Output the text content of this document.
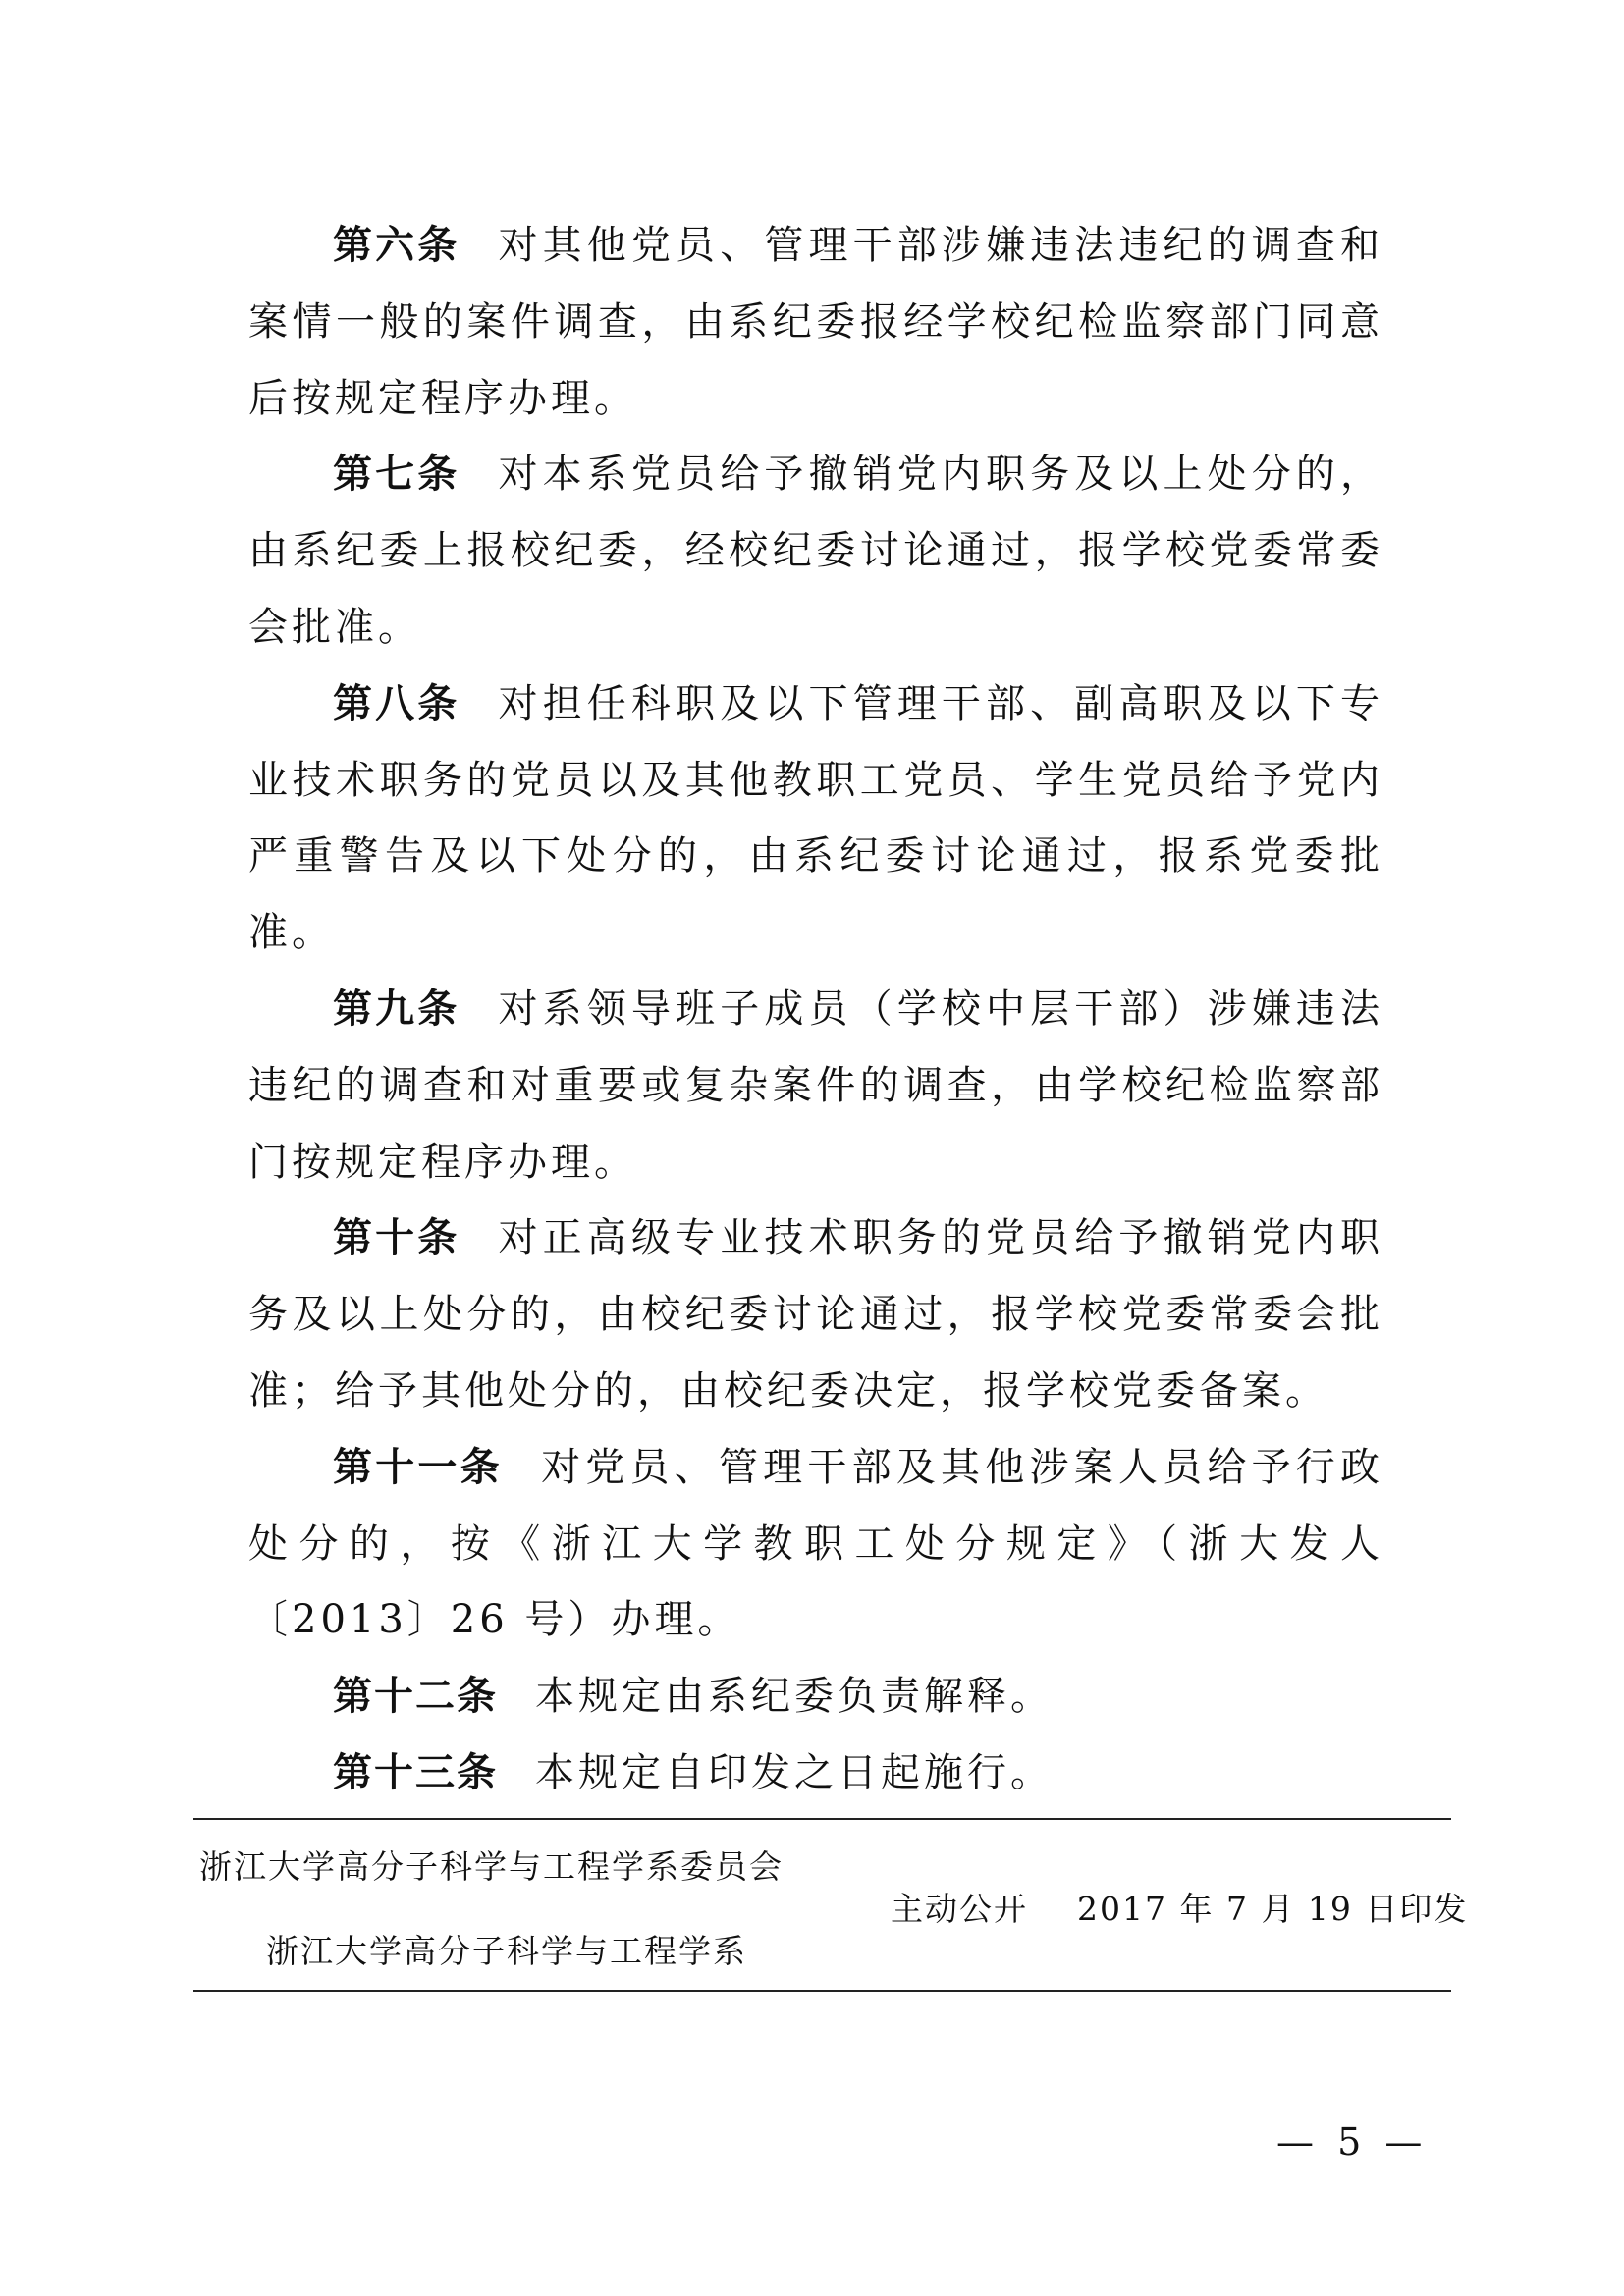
第六条 对其他党员、管理干部涉嫌违法违纪的调查和案情一般的案件调查，由系纪委报经学校纪检监察部门同意后按规定程序办理。

第七条 对本系党员给予撤销党内职务及以上处分的，由系纪委上报校纪委，经校纪委讨论通过，报学校党委常委会批准。

第八条 对担任科职及以下管理干部、副高职及以下专业技术职务的党员以及其他教职工党员、学生党员给予党内严重警告及以下处分的，由系纪委讨论通过，报系党委批准。

第九条 对系领导班子成员（学校中层干部）涉嫌违法违纪的调查和对重要或复杂案件的调查，由学校纪检监察部门按规定程序办理。

第十条 对正高级专业技术职务的党员给予撤销党内职务及以上处分的，由校纪委讨论通过，报学校党委常委会批准；给予其他处分的，由校纪委决定，报学校党委备案。

第十一条 对党员、管理干部及其他涉案人员给予行政处分的，按《浙江大学教职工处分规定》（浙大发人〔2013〕26 号）办理。

第十二条 本规定由系纪委负责解释。

第十三条 本规定自印发之日起施行。

浙江大学高分子科学与工程学系委员会
浙江大学高分子科学与工程学系
主动公开 2017 年 7 月 19 日印发
— 5 —
